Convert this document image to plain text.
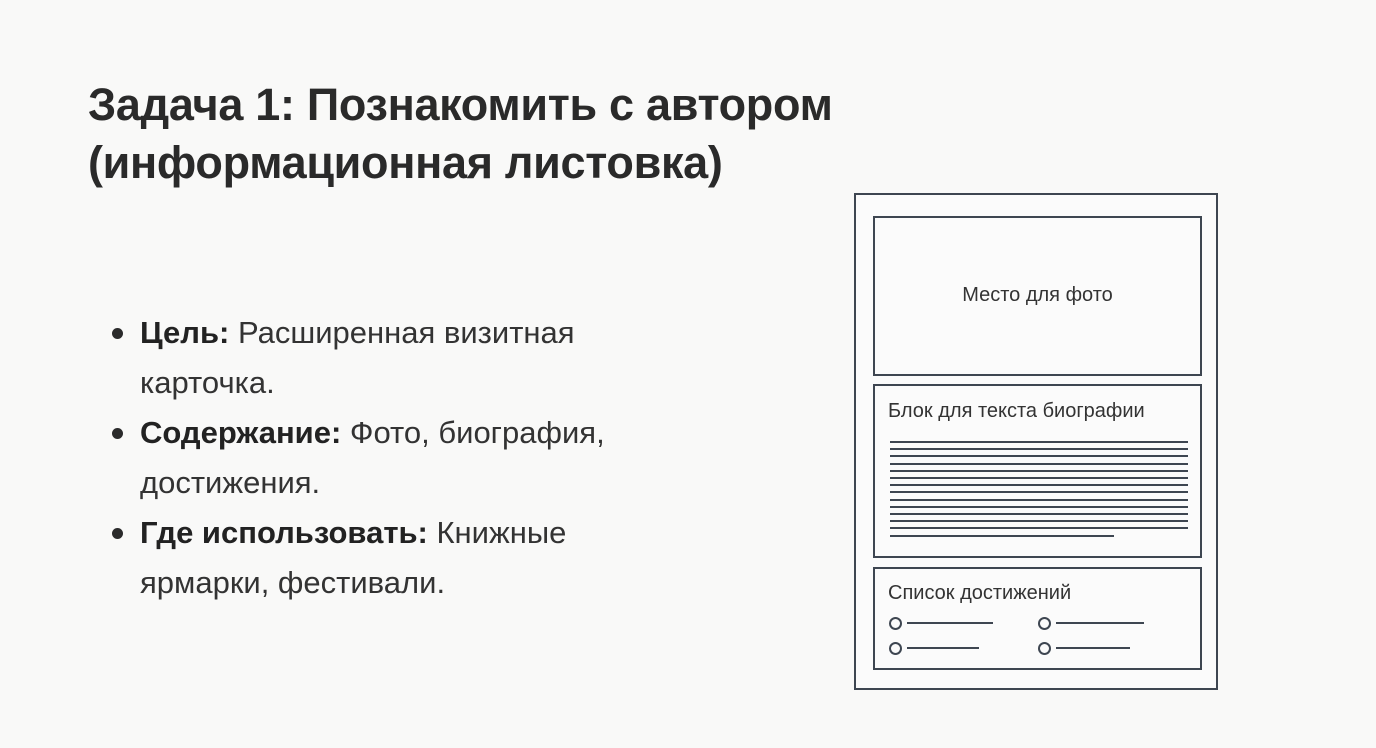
Задача 1: Познакомить с автором
(информационная листовка)
Цель: Расширенная визитная
карточка.
Содержание: Фото, биография,
достижения.
Где использовать: Книжные
ярмарки, фестивали.
Место для фото
Блок для текста биографии
Список достижений
